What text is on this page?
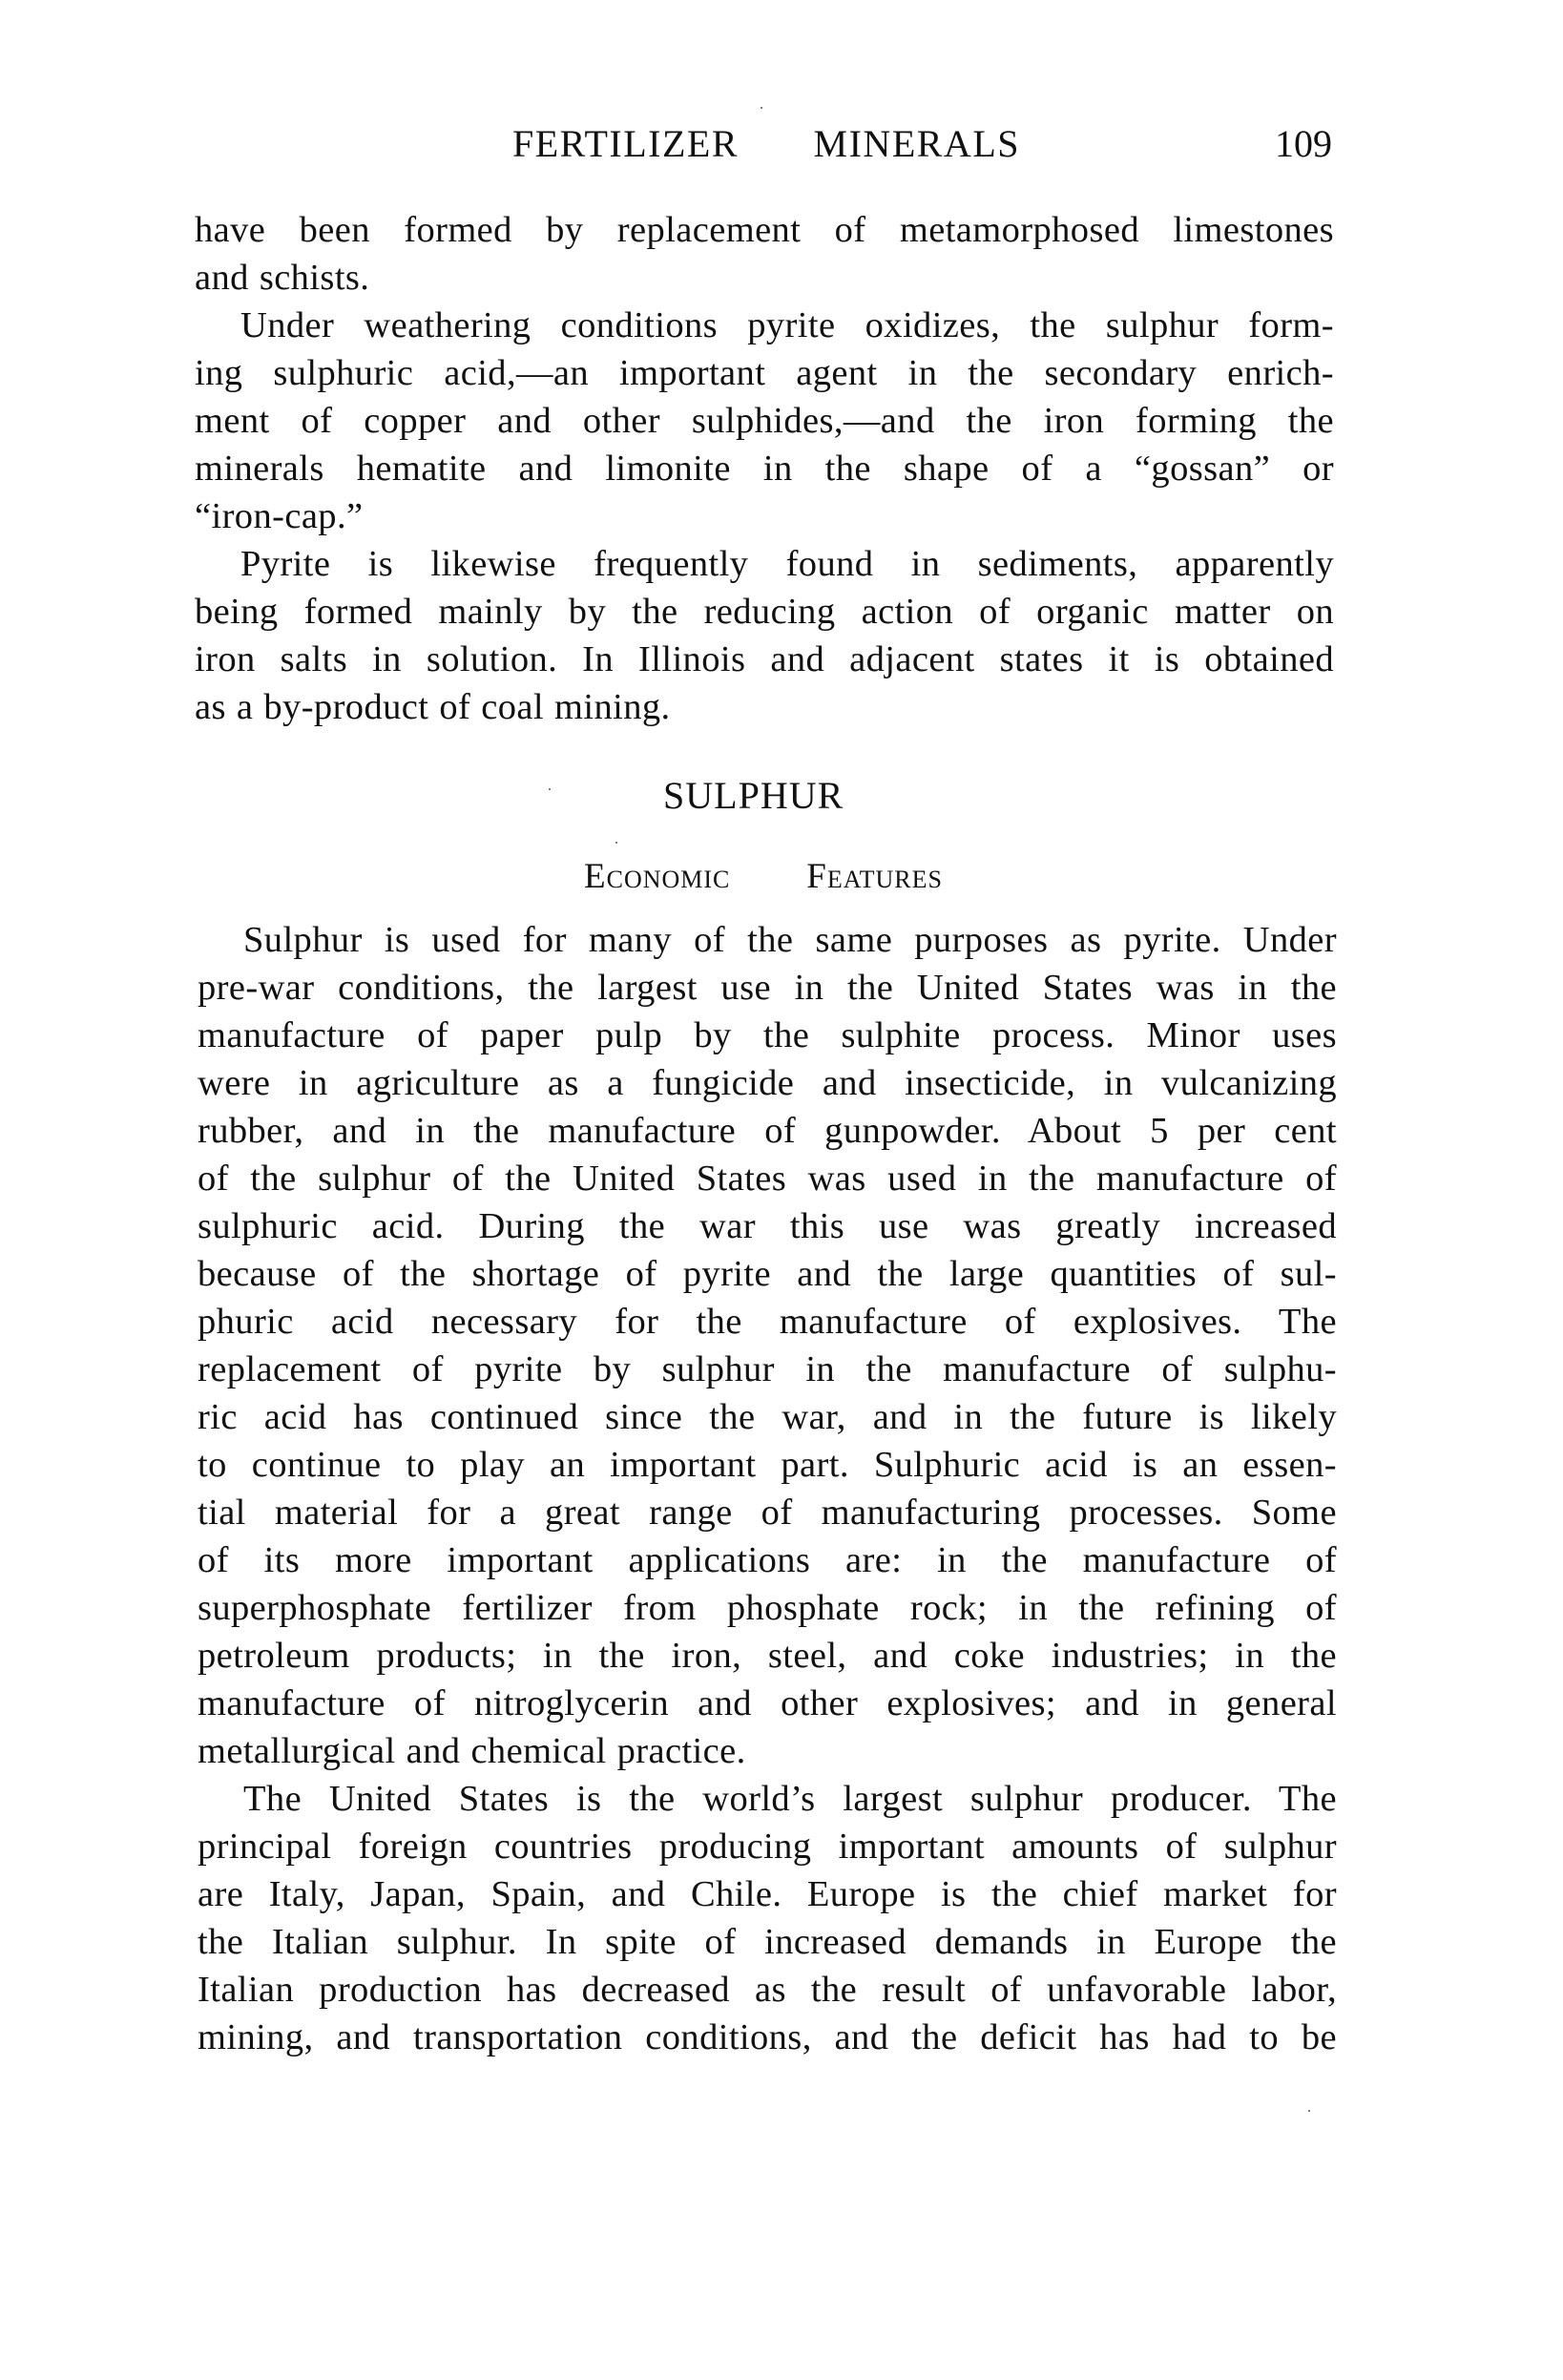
FERTILIZER MINERALS	109
have been formed by replacement of metamorphosed limestones
and schists.
Under weathering conditions pyrite oxidizes, the sulphur form-
ing sulphuric acid,—an important agent in the secondary enrich-
ment of copper and other sulphides,—and the iron forming the
minerals hematite and limonite in the shape of a “gossan” or
“iron-cap.”
Pyrite is likewise frequently found in sediments, apparently
being formed mainly by the reducing action of organic matter on
iron salts in solution. In Illinois and adjacent states it is obtained
as a by-product of coal mining.
SULPHUR
Economic Features
Sulphur is used for many of the same purposes as pyrite. Under
pre-war conditions, the largest use in the United States was in the
manufacture of paper pulp by the sulphite process. Minor uses
were in agriculture as a fungicide and insecticide, in vulcanizing
rubber, and in the manufacture of gunpowder. About 5 per cent
of the sulphur of the United States was used in the manufacture of
sulphuric acid. During the war this use was greatly increased
because of the shortage of pyrite and the large quantities of sul-
phuric acid necessary for the manufacture of explosives. The
replacement of pyrite by sulphur in the manufacture of sulphu-
ric acid has continued since the war, and in the future is likely
to continue to play an important part. Sulphuric acid is an essen-
tial material for a great range of manufacturing processes. Some
of its more important applications are: in the manufacture of
superphosphate fertilizer from phosphate rock; in the refining of
petroleum products; in the iron, steel, and coke industries; in the
manufacture of nitroglycerin and other explosives; and in general
metallurgical and chemical practice.
The United States is the world’s largest sulphur producer. The
principal foreign countries producing important amounts of sulphur
are Italy, Japan, Spain, and Chile. Europe is the chief market for
the Italian sulphur. In spite of increased demands in Europe the
Italian production has decreased as the result of unfavorable labor,
mining, and transportation conditions, and the deficit has had to be
